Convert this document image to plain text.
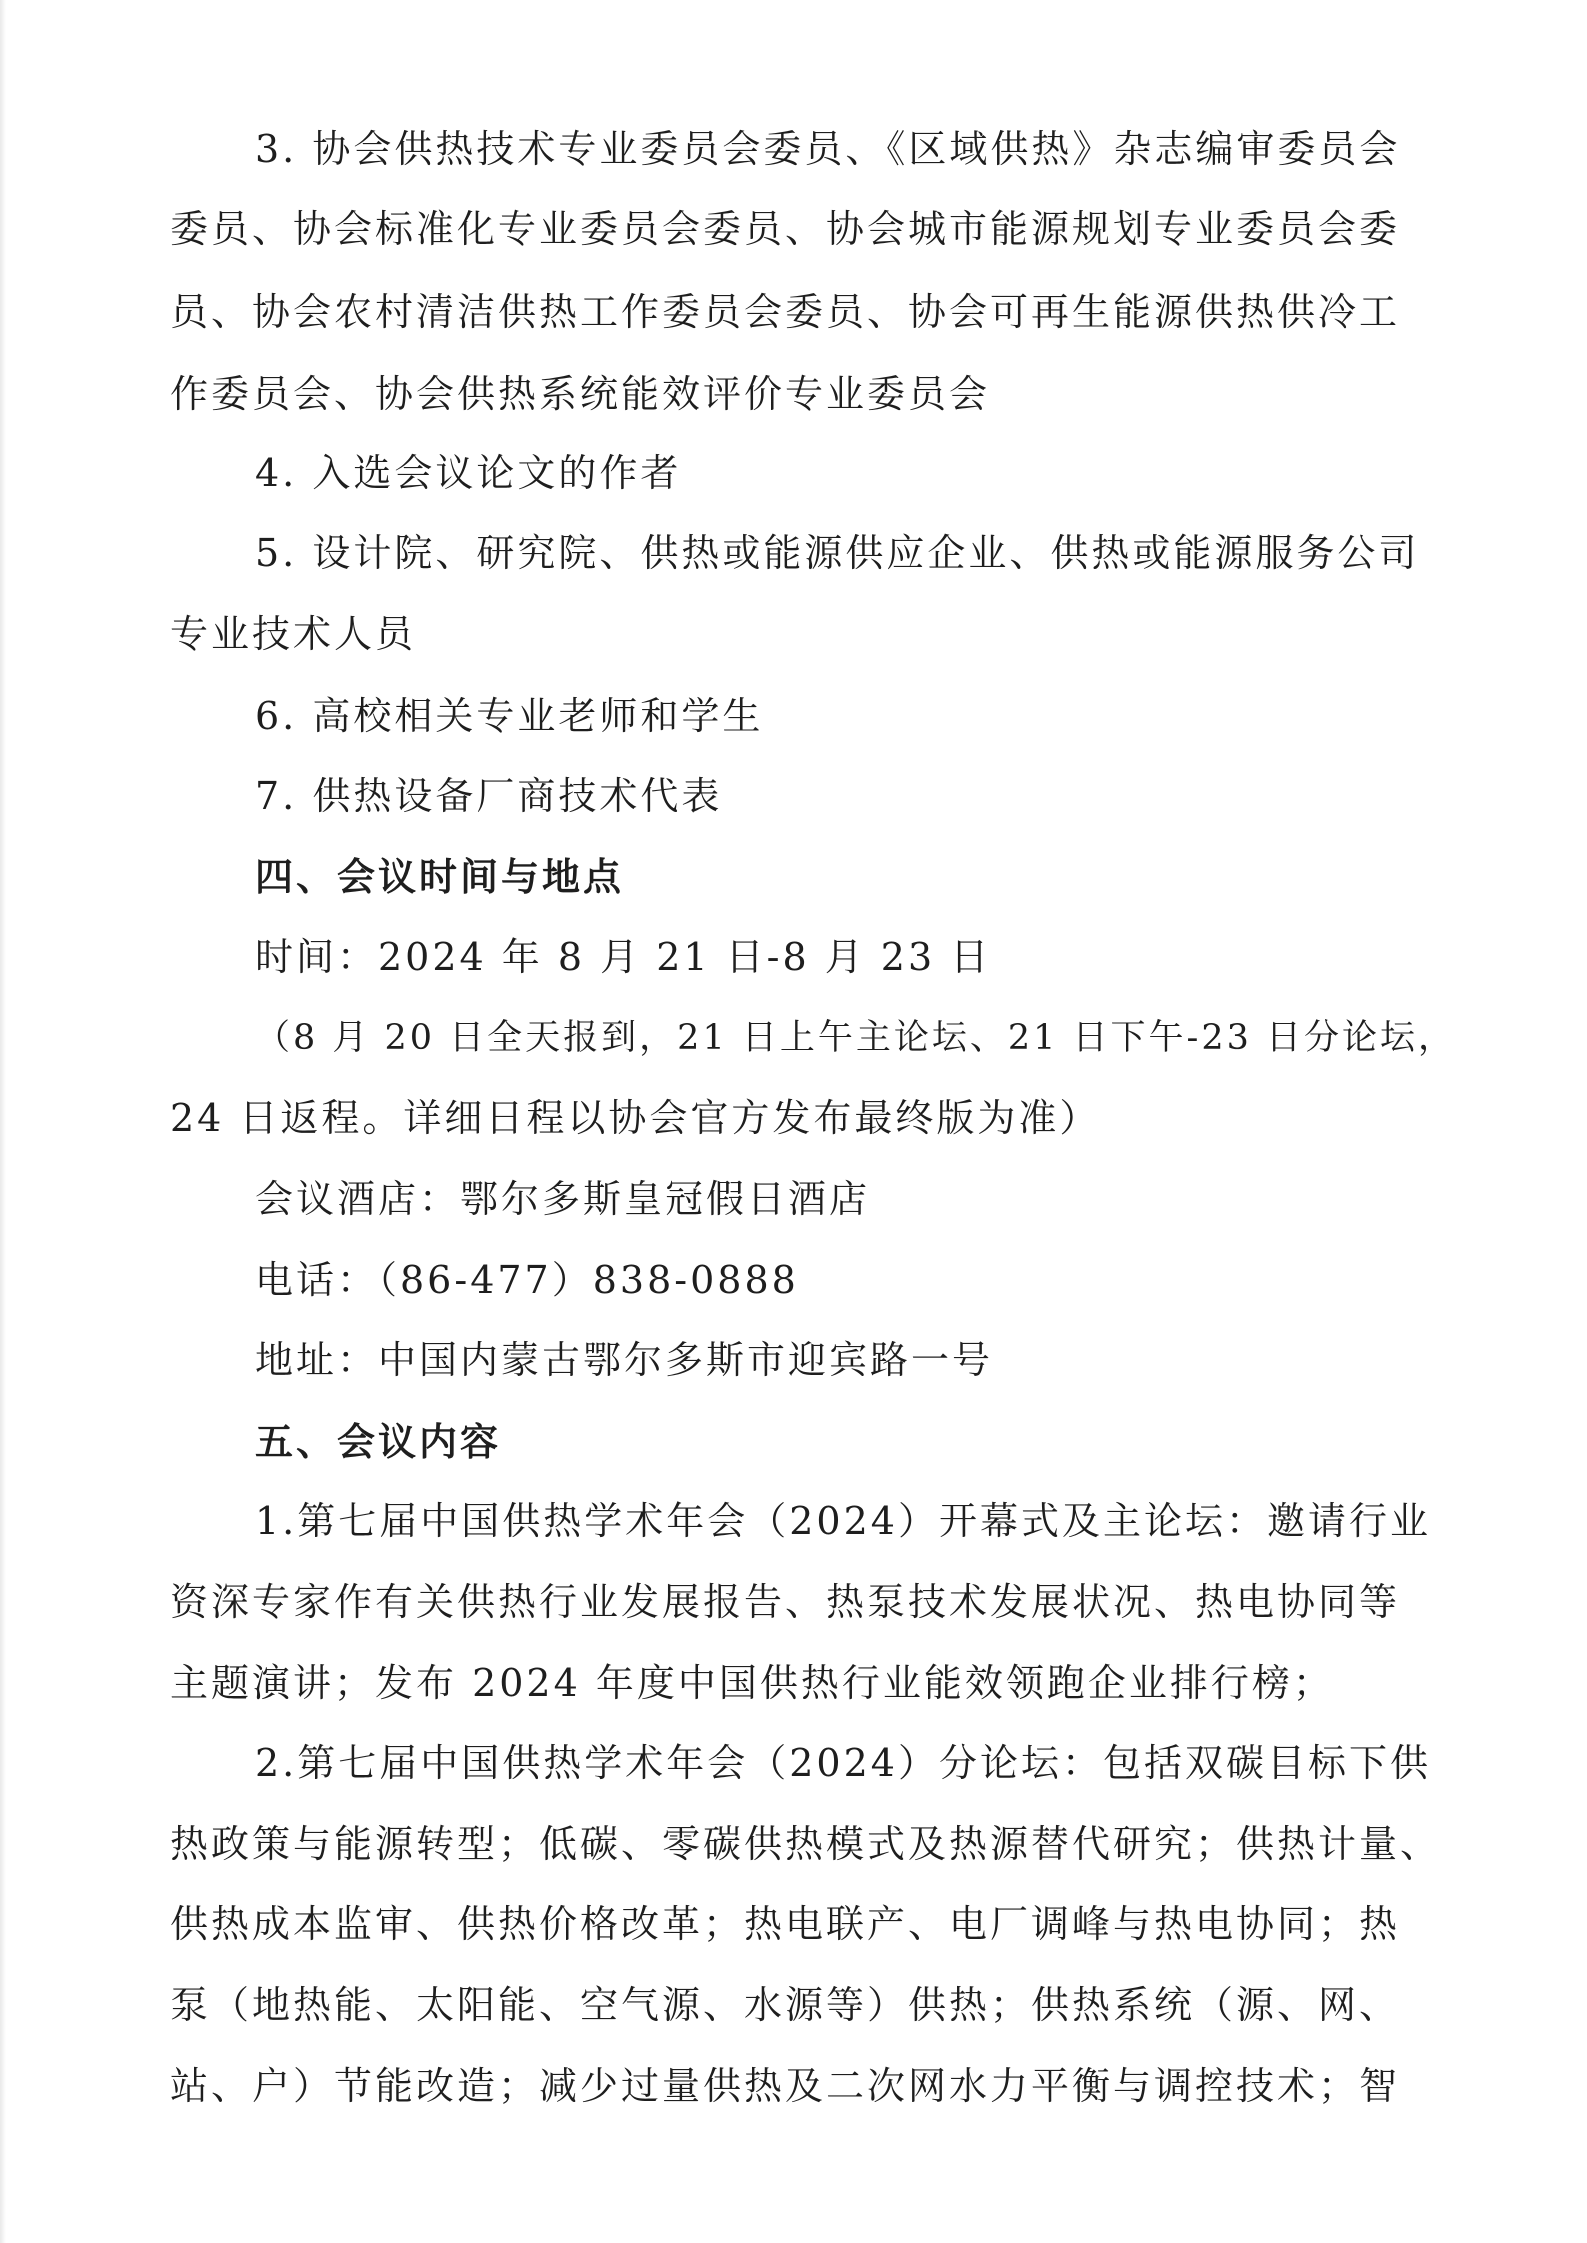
3. 协会供热技术专业委员会委员、《区域供热》杂志编审委员会
委员、协会标准化专业委员会委员、协会城市能源规划专业委员会委
员、协会农村清洁供热工作委员会委员、协会可再生能源供热供冷工
作委员会、协会供热系统能效评价专业委员会
4. 入选会议论文的作者
5. 设计院、研究院、供热或能源供应企业、供热或能源服务公司
专业技术人员
6. 高校相关专业老师和学生
7. 供热设备厂商技术代表
四、会议时间与地点
时间：2024 年 8 月 21 日-8 月 23 日
（8 月 20 日全天报到，21 日上午主论坛、21 日下午-23 日分论坛，
24 日返程。详细日程以协会官方发布最终版为准）
会议酒店：鄂尔多斯皇冠假日酒店
电话：（86-477）838-0888
地址：中国内蒙古鄂尔多斯市迎宾路一号
五、会议内容
1.第七届中国供热学术年会（2024）开幕式及主论坛：邀请行业
资深专家作有关供热行业发展报告、热泵技术发展状况、热电协同等
主题演讲；发布 2024 年度中国供热行业能效领跑企业排行榜；
2.第七届中国供热学术年会（2024）分论坛：包括双碳目标下供
热政策与能源转型；低碳、零碳供热模式及热源替代研究；供热计量、
供热成本监审、供热价格改革；热电联产、电厂调峰与热电协同；热
泵（地热能、太阳能、空气源、水源等）供热；供热系统（源、网、
站、户）节能改造；减少过量供热及二次网水力平衡与调控技术；智
